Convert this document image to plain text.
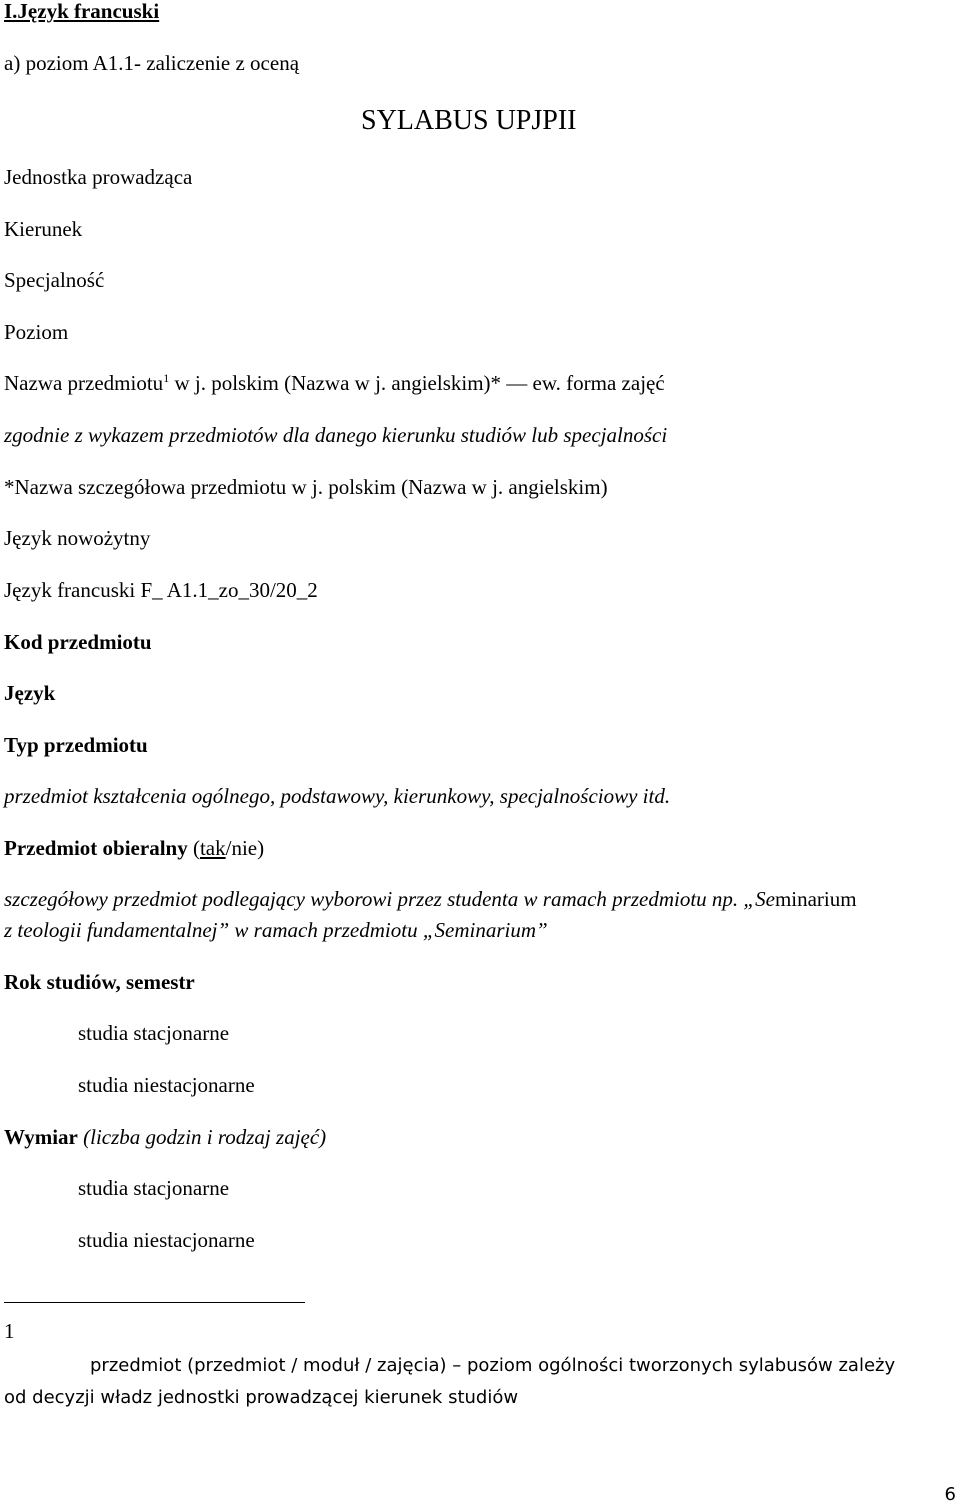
I.Język francuski
a) poziom A1.1- zaliczenie z oceną
SYLABUS UPJPII
Jednostka prowadząca
Kierunek
Specjalność
Poziom
Nazwa przedmiotu$^1$ w j. polskim (Nazwa w j. angielskim)* — ew. forma zajęć
zgodnie z wykazem przedmiotów dla danego kierunku studiów lub specjalności
*Nazwa szczegółowa przedmiotu w j. polskim (Nazwa w j. angielskim)
Język nowożytny
Język francuski F_ A1.1_zo_30/20_2
Kod przedmiotu
Język
Typ przedmiotu
przedmiot kształcenia ogólnego, podstawowy, kierunkowy, specjalnościowy itd.
Przedmiot obieralny (tak/nie)
szczegółowy przedmiot podlegający wyborowi przez studenta w ramach przedmiotu np. „Seminarium
z teologii fundamentalnej” w ramach przedmiotu „Seminarium”
Rok studiów, semestr
studia stacjonarne
studia niestacjonarne
Wymiar (liczba godzin i rodzaj zajęć)
studia stacjonarne
studia niestacjonarne
1
przedmiot (przedmiot / moduł / zajęcia) – poziom ogólności tworzonych sylabusów zależy
od decyzji władz jednostki prowadzącej kierunek studiów
6
